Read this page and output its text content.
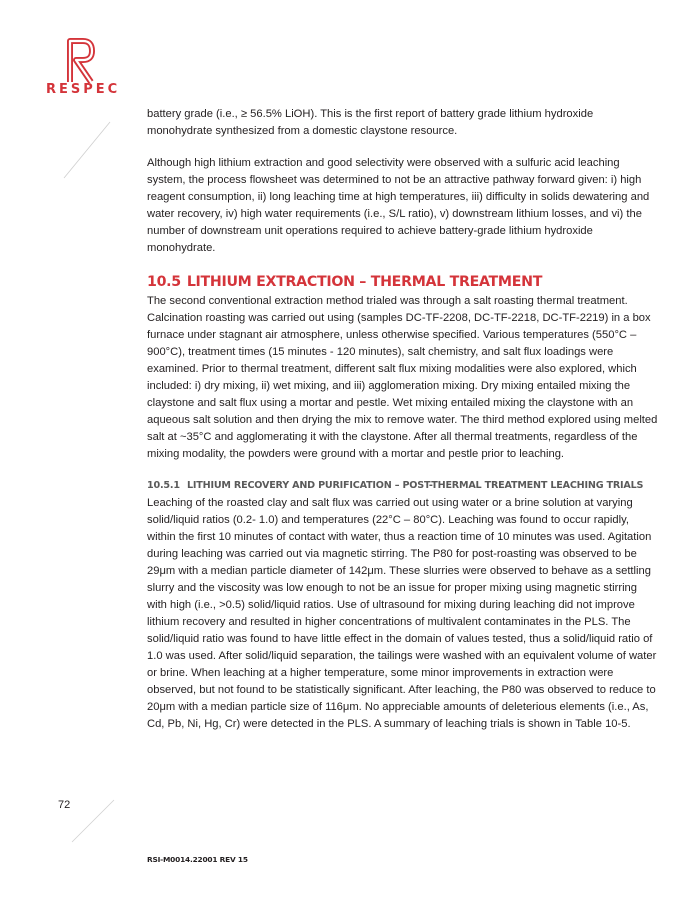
RESPEC

battery grade (i.e., ≥ 56.5% LiOH). This is the first report of battery grade lithium hydroxide monohydrate synthesized from a domestic claystone resource.

Although high lithium extraction and good selectivity were observed with a sulfuric acid leaching system, the process flowsheet was determined to not be an attractive pathway forward given: i) high reagent consumption, ii) long leaching time at high temperatures, iii) difficulty in solids dewatering and water recovery, iv) high water requirements (i.e., S/L ratio), v) downstream lithium losses, and vi) the number of downstream unit operations required to achieve battery-grade lithium hydroxide monohydrate.

10.5 LITHIUM EXTRACTION – THERMAL TREATMENT

The second conventional extraction method trialed was through a salt roasting thermal treatment. Calcination roasting was carried out using (samples DC-TF-2208, DC-TF-2218, DC-TF-2219) in a box furnace under stagnant air atmosphere, unless otherwise specified. Various temperatures (550°C – 900°C), treatment times (15 minutes - 120 minutes), salt chemistry, and salt flux loadings were examined. Prior to thermal treatment, different salt flux mixing modalities were also explored, which included: i) dry mixing, ii) wet mixing, and iii) agglomeration mixing. Dry mixing entailed mixing the claystone and salt flux using a mortar and pestle. Wet mixing entailed mixing the claystone with an aqueous salt solution and then drying the mix to remove water. The third method explored using melted salt at ~35°C and agglomerating it with the claystone. After all thermal treatments, regardless of the mixing modality, the powders were ground with a mortar and pestle prior to leaching.

10.5.1 LITHIUM RECOVERY AND PURIFICATION – POST-THERMAL TREATMENT LEACHING TRIALS

Leaching of the roasted clay and salt flux was carried out using water or a brine solution at varying solid/liquid ratios (0.2- 1.0) and temperatures (22°C – 80°C). Leaching was found to occur rapidly, within the first 10 minutes of contact with water, thus a reaction time of 10 minutes was used. Agitation during leaching was carried out via magnetic stirring. The P80 for post-roasting was observed to be 29μm with a median particle diameter of 142μm. These slurries were observed to behave as a settling slurry and the viscosity was low enough to not be an issue for proper mixing using magnetic stirring with high (i.e., >0.5) solid/liquid ratios. Use of ultrasound for mixing during leaching did not improve lithium recovery and resulted in higher concentrations of multivalent contaminates in the PLS. The solid/liquid ratio was found to have little effect in the domain of values tested, thus a solid/liquid ratio of 1.0 was used. After solid/liquid separation, the tailings were washed with an equivalent volume of water or brine. When leaching at a higher temperature, some minor improvements in extraction were observed, but not found to be statistically significant. After leaching, the P80 was observed to reduce to 20μm with a median particle size of 116μm. No appreciable amounts of deleterious elements (i.e., As, Cd, Pb, Ni, Hg, Cr) were detected in the PLS. A summary of leaching trials is shown in Table 10-5.

72
RSI-M0014.22001 REV 15
